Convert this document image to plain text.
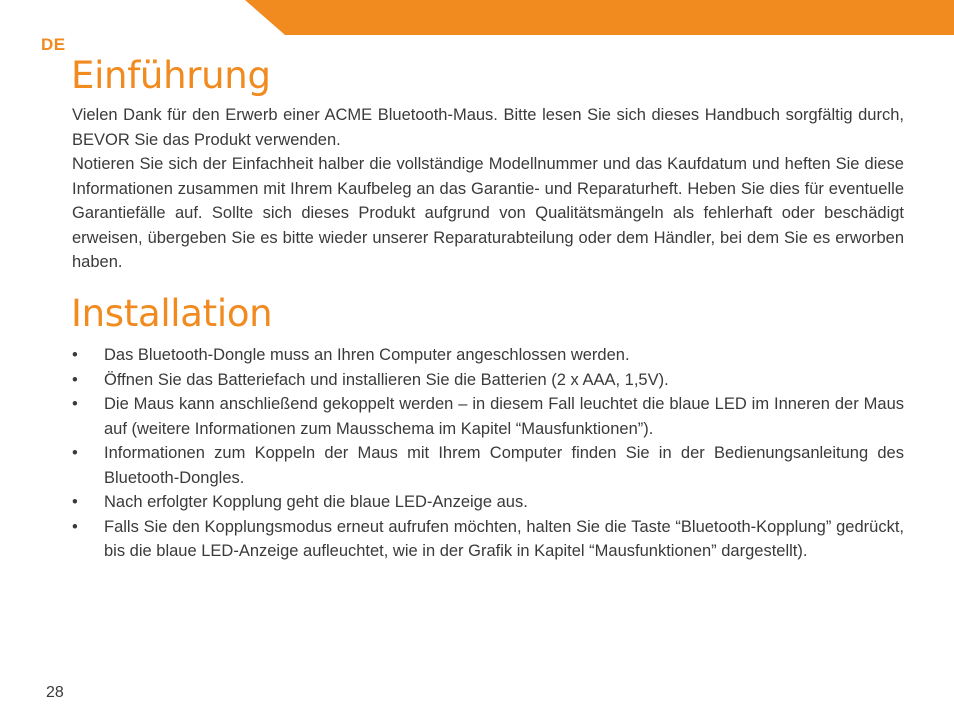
DE
Einführung

Vielen Dank für den Erwerb einer ACME Bluetooth-Maus. Bitte lesen Sie sich dieses Handbuch sorgfältig durch, BEVOR Sie das Produkt verwenden.

Notieren Sie sich der Einfachheit halber die vollständige Modellnummer und das Kaufdatum und heften Sie diese Informationen zusammen mit Ihrem Kaufbeleg an das Garantie- und Reparaturheft. Heben Sie dies für eventuelle Garantiefälle auf. Sollte sich dieses Produkt aufgrund von Qualitätsmängeln als fehlerhaft oder beschädigt erweisen, übergeben Sie es bitte wieder unserer Reparaturabteilung oder dem Händler, bei dem Sie es erworben haben.

Installation
• Das Bluetooth-Dongle muss an Ihren Computer angeschlossen werden.
• Öffnen Sie das Batteriefach und installieren Sie die Batterien (2 x AAA, 1,5V).
• Die Maus kann anschließend gekoppelt werden – in diesem Fall leuchtet die blaue LED im Inneren der Maus auf (weitere Informationen zum Mausschema im Kapitel “Mausfunktionen”).
• Informationen zum Koppeln der Maus mit Ihrem Computer finden Sie in der Bedienungsanleitung des Bluetooth-Dongles.
• Nach erfolgter Kopplung geht die blaue LED-Anzeige aus.
• Falls Sie den Kopplungsmodus erneut aufrufen möchten, halten Sie die Taste “Bluetooth-Kopplung” gedrückt, bis die blaue LED-Anzeige aufleuchtet, wie in der Grafik in Kapitel “Mausfunktionen” dargestellt).
28
